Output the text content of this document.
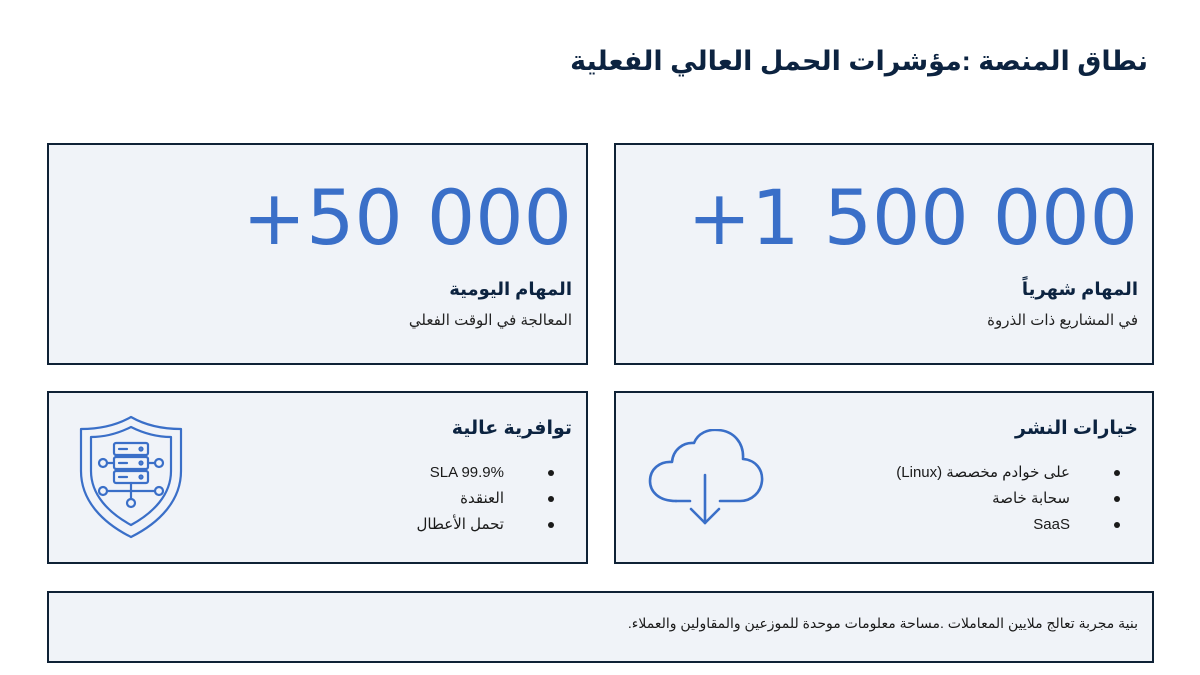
نطاق المنصة :مؤشرات الحمل العالي الفعلية
+1 500 000
المهام شهرياً
في المشاريع ذات الذروة
+50 000
المهام اليومية
المعالجة في الوقت الفعلي
خيارات النشر
على خوادم مخصصة (Linux)
سحابة خاصة
SaaS
توافرية عالية
SLA 99.9%
العنقدة
تحمل الأعطال
بنية مجربة تعالج ملايين المعاملات .مساحة معلومات موحدة للموزعين والمقاولين والعملاء.
